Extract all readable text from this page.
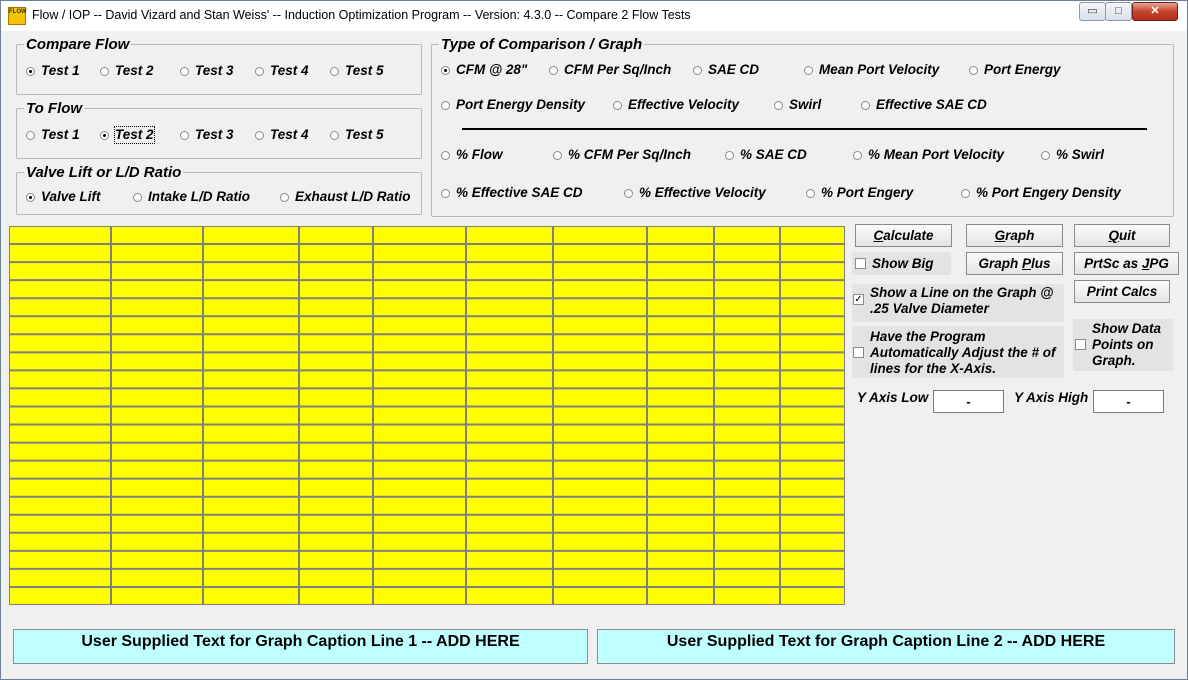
FLOW Flow / IOP -- David Vizard and Stan Weiss' -- Induction Optimization Program -- Version: 4.3.0 -- Compare 2 Flow Tests	▭	□	✕
Compare Flow
Test 1	Test 2	Test 3	Test 4	Test 5
To Flow
Test 1	Test 2	Test 3	Test 4	Test 5
Valve Lift or L/D Ratio
Valve Lift	Intake L/D Ratio	Exhaust L/D Ratio
Type of Comparison / Graph
CFM @ 28"	CFM Per Sq/Inch	SAE CD	Mean Port Velocity	Port Energy
Port Energy Density	Effective Velocity	Swirl	Effective SAE CD
% Flow	% CFM Per Sq/Inch	% SAE CD	% Mean Port Velocity	% Swirl
% Effective SAE CD	% Effective Velocity	% Port Engery	% Port Engery Density
Calculate	Graph	Quit
Show Big	Graph Plus	PrtSc as JPG
✓ Show a Line on the Graph @ .25 Valve Diameter
Print Calcs
Have the Program Automatically Adjust the # of lines for the X-Axis.
Show Data Points on Graph.
Y Axis Low	-	Y Axis High	-
User Supplied Text for Graph Caption Line 1 -- ADD HERE	User Supplied Text for Graph Caption Line 2 -- ADD HERE
